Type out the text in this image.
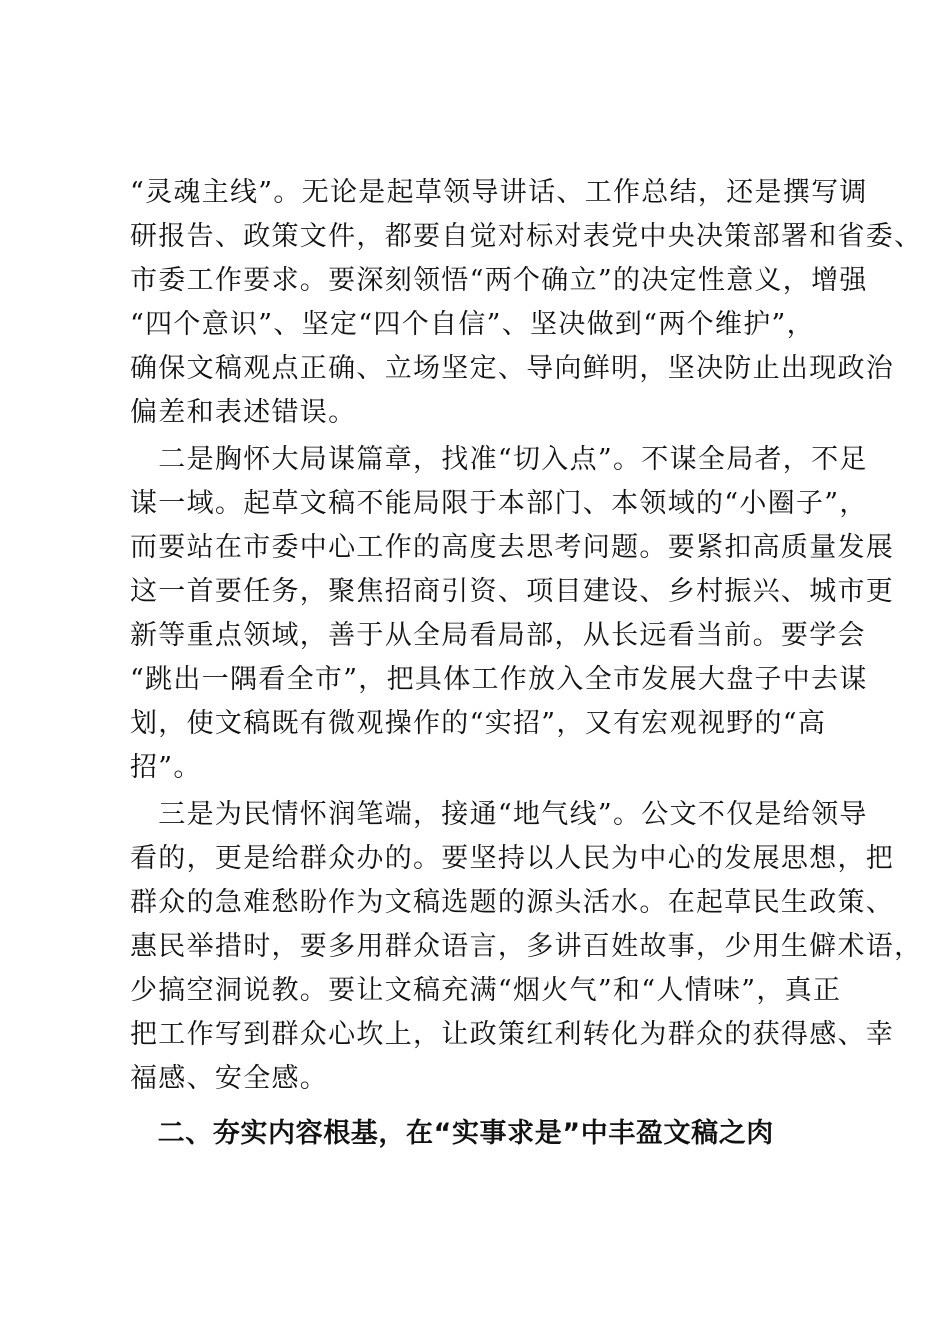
“灵魂主线”。无论是起草领导讲话、工作总结，还是撰写调
研报告、政策文件，都要自觉对标对表党中央决策部署和省委、
市委工作要求。要深刻领悟“两个确立”的决定性意义，增强
“四个意识”、坚定“四个自信”、坚决做到“两个维护”，
确保文稿观点正确、立场坚定、导向鲜明，坚决防止出现政治
偏差和表述错误。
　二是胸怀大局谋篇章，找准“切入点”。不谋全局者，不足
谋一域。起草文稿不能局限于本部门、本领域的“小圈子”，
而要站在市委中心工作的高度去思考问题。要紧扣高质量发展
这一首要任务，聚焦招商引资、项目建设、乡村振兴、城市更
新等重点领域，善于从全局看局部，从长远看当前。要学会
“跳出一隅看全市”，把具体工作放入全市发展大盘子中去谋
划，使文稿既有微观操作的“实招”，又有宏观视野的“高
招”。
　三是为民情怀润笔端，接通“地气线”。公文不仅是给领导
看的，更是给群众办的。要坚持以人民为中心的发展思想，把
群众的急难愁盼作为文稿选题的源头活水。在起草民生政策、
惠民举措时，要多用群众语言，多讲百姓故事，少用生僻术语，
少搞空洞说教。要让文稿充满“烟火气”和“人情味”，真正
把工作写到群众心坎上，让政策红利转化为群众的获得感、幸
福感、安全感。
　二、夯实内容根基，在“实事求是”中丰盈文稿之肉
